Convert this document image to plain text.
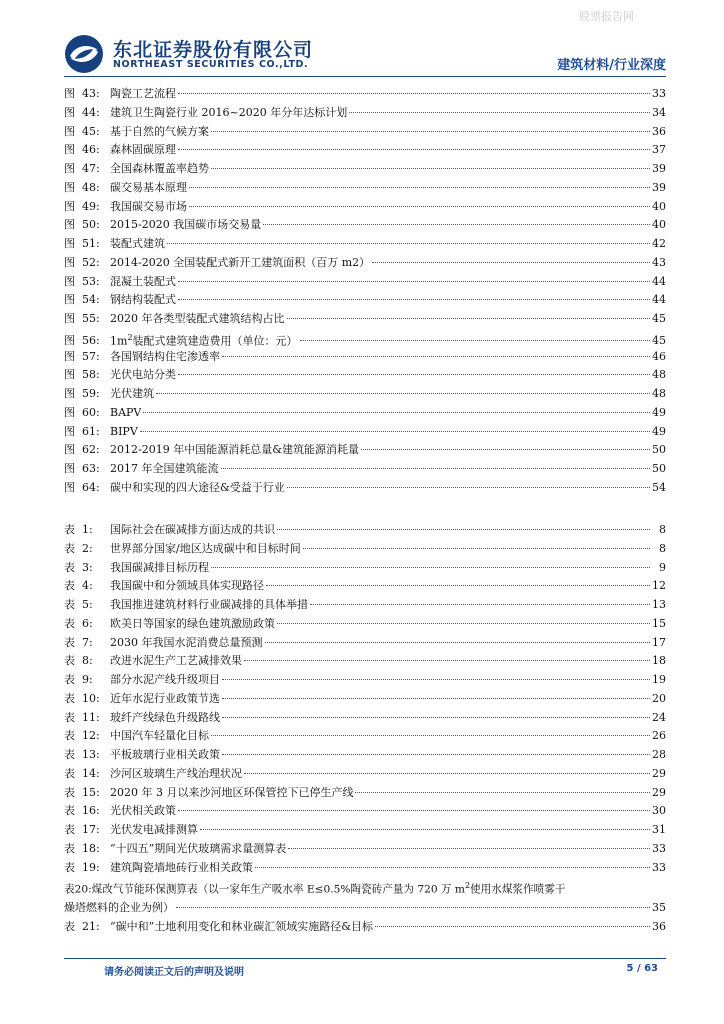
股票报告网
东北证券股份有限公司
NORTHEAST SECURITIES CO.,LTD.	建筑材料/行业深度
图 43: 陶瓷工艺流程	33
图 44: 建筑卫生陶瓷行业 2016~2020 年分年达标计划	34
图 45: 基于自然的气候方案	36
图 46: 森林固碳原理	37
图 47: 全国森林覆盖率趋势	39
图 48: 碳交易基本原理	39
图 49: 我国碳交易市场	40
图 50: 2015-2020 我国碳市场交易量	40
图 51: 装配式建筑	42
图 52: 2014-2020 全国装配式新开工建筑面积（百万 m2）	43
图 53: 混凝土装配式	44
图 54: 钢结构装配式	44
图 55: 2020 年各类型装配式建筑结构占比	45
图 56: $1m^2$装配式建筑建造费用（单位：元）	45
图 57: 各国钢结构住宅渗透率	46
图 58: 光伏电站分类	48
图 59: 光伏建筑	48
图 60: BAPV	49
图 61: BIPV	49
图 62: 2012-2019 年中国能源消耗总量&建筑能源消耗量	50
图 63: 2017 年全国建筑能流	50
图 64: 碳中和实现的四大途径&受益于行业	54
表 1:	国际社会在碳减排方面达成的共识	8
表 2:	世界部分国家/地区达成碳中和目标时间	8
表 3:	我国碳减排目标历程	9
表 4:	我国碳中和分领域具体实现路径	12
表 5:	我国推进建筑材料行业碳减排的具体举措	13
表 6:	欧美日等国家的绿色建筑激励政策	15
表 7:	2030 年我国水泥消费总量预测	17
表 8:	改进水泥生产工艺减排效果	18
表 9:	部分水泥产线升级项目	19
表 10: 近年水泥行业政策节选	20
表 11: 玻纤产线绿色升级路线	24
表 12: 中国汽车轻量化目标	26
表 13: 平板玻璃行业相关政策	28
表 14: 沙河区玻璃生产线治理状况	29
表 15: 2020 年 3 月以来沙河地区环保管控下已停生产线	29
表 16: 光伏相关政策	30
表 17: 光伏发电减排测算	31
表 18: “十四五”期间光伏玻璃需求量测算表	33
表 19: 建筑陶瓷墙地砖行业相关政策	33
表20:煤改气节能环保测算表（以一家年生产吸水率 E≤0.5%陶瓷砖产量为 720 万 $m^2$使用水煤浆作喷雾干
燥塔燃料的企业为例）	35
表 21: “碳中和”土地利用变化和林业碳汇领域实施路径&目标	36
请务必阅读正文后的声明及说明	5 / 63
